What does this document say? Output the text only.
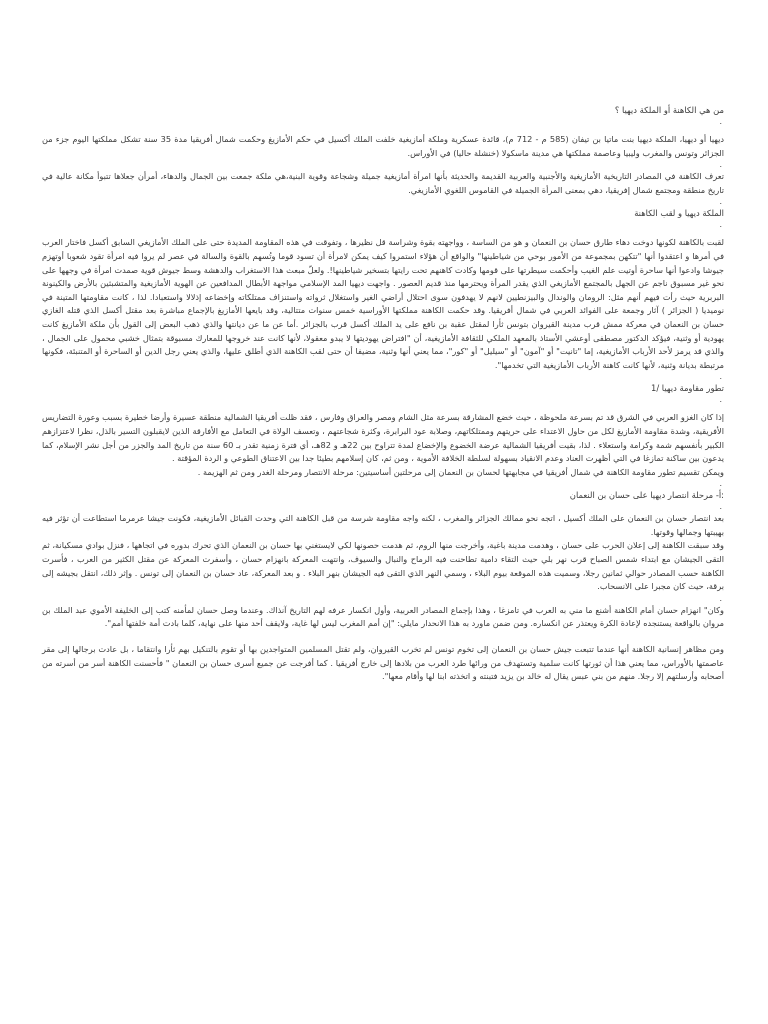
من هي الكاهنة أو الملكة ديهيا ؟

.

ديهيا أو ديهيا، الملكة ديهيا بنت ماتيا بن تيفان (585 م - 712 م)، قائدة عسكرية وملكة أمازيغية خلفت الملك أكسيل في حكم الأمازيغ وحكمت شمال أفريقيا مدة 35 سنة تشكل مملكتها اليوم جزء من الجزائر وتونس والمغرب وليبيا وعاصمة مملكتها هي مدينة ماسكولا (خنشلة حاليا) في الأوراس.

.

تعرف الكاهنة في المصادر التاريخية الأمازيغية والأجنبية والعربية القديمة والحديثة بأنها امرأة أمازيغية جميلة وشجاعة وقوية البنية،هي ملكة جمعت بين الجمال والدهاء، أمرأن جعلاها تتبوأ مكانة عالية في تاريخ منطقة ومجتمع شمال إفريقيا، دهي بمعنى المرأة الجميلة في القاموس اللغوي الأمازيغي.

.

الملكة ديهيا و لقب الكاهنة

.

لقبت بالكاهنة لكونها دوخت دهاء طارق حسان بن النعمان و هو من الساسة ، وواجهته بقوة وشراسة قل نظيرها ، وتفوقت في هذه المقاومة المديدة حتى على الملك الأمازيغي السابق أكسل فاختار العرب في أمرها و اعتقدوا أنها "تتكهن بمجموعة من الأمور بوحي من شياطينها" والواقع أن هؤلاء استمروا كيف يمكن لامرأة أن تسود قوما وتُسهم بالقوة والسالة في عصر لم يروا فيه امرأة تقود شعوبا أوتهزم جيوشا وادعوا أنها ساحرة أوتيت علم الغيب وأحكمت سيطرتها على قومها وكادت كاهنهم تحت رايتها بتسخير شياطينها!. ولعلّ مبعث هذا الاستغراب والدهشة وسط جيوش قوية صمدت امرأة في وجهها على نحو غير مسبوق ناجم عن الجهل بالمجتمع الأمازيغي الذي يقدر المرأة ويحترمها منذ قديم العصور . واجهت ديهيا المد الإسلامي مواجهة الأبطال المدافعين عن الهوية الأمازيغية والمتشبثين بالأرض والكينونة البربرية حيث رأت فيهم أنهم مثل: الرومان والوندال والبيزنطيين لانهم لا يهدفون سوى احتلال أراضي الغير واستغلال ثرواته واستنزاف ممتلكاته وإخضاعه إذلالا واستعبادا. لذا ، كانت مقاومتها المتينة في نوميديا ( الجزائر ) آثار وجمعة على الفوائد العربي في شمال أفريقيا. وقد حكمت الكاهنة مملكتها الأوراسية خمس سنوات متتالية، وقد بايعها الأمازيغ بالإجماع مباشرة بعد مقتل أكسل الذي قتله الغازي حسان بن النعمان في معركة ممش قرب مدينة القيروان بتونس ثأرا لمقتل عقبة بن نافع على يد الملك أكسل قرب بالجزائر .أما عن ما عن ديانتها والذي ذهب البعض إلى القول بأن ملكة الأمازيغ كانت يهودية أو وثنية، فيؤكد الدكتور مصطفى أوعشي الأستاذ بالمعهد الملكي للثقافة الأمازيغية، أن "افتراض يهوديتها لا يبدو معقولا، لأنها كانت عند خروجها للمعارك مسبوقة بتمثال خشبي محمول على الجمال ، والذي قد يرمز لأحد الأرباب الأمازيغية، إما "تانيت" أو "آمون" أو "سيليل" أو "كور"، مما يعني أنها وثنية، مضيفا أن حتى لقب الكاهنة الذي أطلق عليها، والذي يعني رجل الدين أو الساحرة أو المتنبئة، فكونها مرتبطة بديانة وثنية، لأنها كانت كاهنة الأرباب الأمازيغية التي تخدمها".

.

تطور مقاومة ديهيا /1

.

إذا كان الغزو العربي في الشرق قد تم بسرعة ملحوظة ، حيث خضع المشارقة بسرعة مثل الشام ومصر والعراق وفارس ، فقد ظلت أفريقيا الشمالية منطقة عسيرة وأرضا خطيرة بسبب وعورة التضاريس الأفريقية، وشدة مقاومة الأمازيغ لكل من حاول الاعتداء على حريتهم وممتلكاتهم، وصلابة عود البرابرة، وكثرة شجاعتهم ، وتعسف الولاة في التعامل مع الأفارقة الذين لايقبلون التسير بالذل، نظرا لاعتزازهم الكبير بأنفسهم شمة وكرامة واستعلاء . لذا، بقيت أفريقيا الشمالية عرضة الخضوع والإخضاع لمدة تتراوح بين 22هـ و 82هـ، أي فترة زمنية تقدر بـ 60 سنة من تاريخ المد والجزر من أجل نشر الإسلام، كما يدعون بين ساكنة تمازغا في التي أظهرت العناد وعدم الانقياد بسهولة لسلطة الخلافة الأموية ، ومن ثم، كان إسلامهم بطيئا جدا بين الاعتناق الطوعي و الردة المؤقتة .

ويمكن تقسيم تطور مقاومة الكاهنة في شمال أفريقيا في مجابهتها لحسان بن النعمان إلى مرحلتين أساسيتين: مرحلة الانتصار ومرحلة الغدر ومن ثم الهزيمة .

.

:أ- مرحلة انتصار ديهيا على حسان بن النعمان

.

بعد انتصار حسان بن النعمان على الملك أكسيل ، اتجه نحو ممالك الجزائر والمغرب ، لكنه واجه مقاومة شرسة من قبل الكاهنة التي وحدت القبائل الأمازيغية، فكونت جيشا عرمرما استطاعت أن تؤثر فيه بهيبتها وجمالها وقوتها.

وقد سبقت الكاهنة إلى إعلان الحرب على حسان ، وهدمت مدينة باغية، وأخرجت منها الروم، ثم هدمت حصونها لكي لايستغني بها حسان بن النعمان الذي تحرك بدوره في اتجاهها ، فنزل بوادي مسكيانة، ثم التقى الجيشان مع ابتداء شمس الصباح قرب نهر بلي حيث التقاء دامية تطاحنت فيه الرماح والنبال والسيوف، وانتهت المعركة بانهزام حسان ، وأسفرت المعركة عن مقتل الكثير من العرب ، فأسرت الكاهنة حسب المصادر حوالي ثمانين رجلا، وسميت هذه الموقعة بيوم البلاء ، وسمي النهر الذي التقى فيه الجيشان بنهر البلاء . و بعد المعركة، عاد حسان بن النعمان إلى تونس . وإثر ذلك، انتقل بجيشه إلى برقة، حيث كان مجبرا على الانسحاب.

.

وكان" انهزام حسان أمام الكاهنة أشنع ما مني به العرب في تامزغا ، وهذا بإجماع المصادر العربية، وأول انكسار عرفه لهم التاريخ آنذاك. وعندما وصل حسان لمأمنه كتب إلى الخليفة الأموي عبد الملك بن مروان بالواقعة يستنجده لإعادة الكرة ويعتذر عن انكساره. ومن ضمن ماورد به هذا الانحدار مايلي: "إن أمم المغرب ليس لها غاية، ولايقف أحد منها على نهاية، كلما بادت أمة خلفتها أمم".

ومن مظاهر إنسانية الكاهنة أنها عندما تتبعت جيش حسان بن النعمان إلى تخوم تونس لم تخرب القيروان، ولم تقتل المسلمين المتواجدين بها أو تقوم بالتنكيل بهم ثأرا وانتقاما ، بل عادت برجالها إلى مقر عاصمتها بالأوراس، مما يعني هذا أن ثورتها كانت سلمية وتستهدف من ورائها طرد العرب من بلادها إلى خارج أفريقيا . كما أفرجت عن جميع أسرى حسان بن النعمان " فأحسنت الكاهنة أسر من أسرته من أصحابه وأرسلتهم إلا رجلا. منهم من بني عبس يقال له خالد بن يزيد فتبنته و اتخذته ابنا لها وأقام معها".
